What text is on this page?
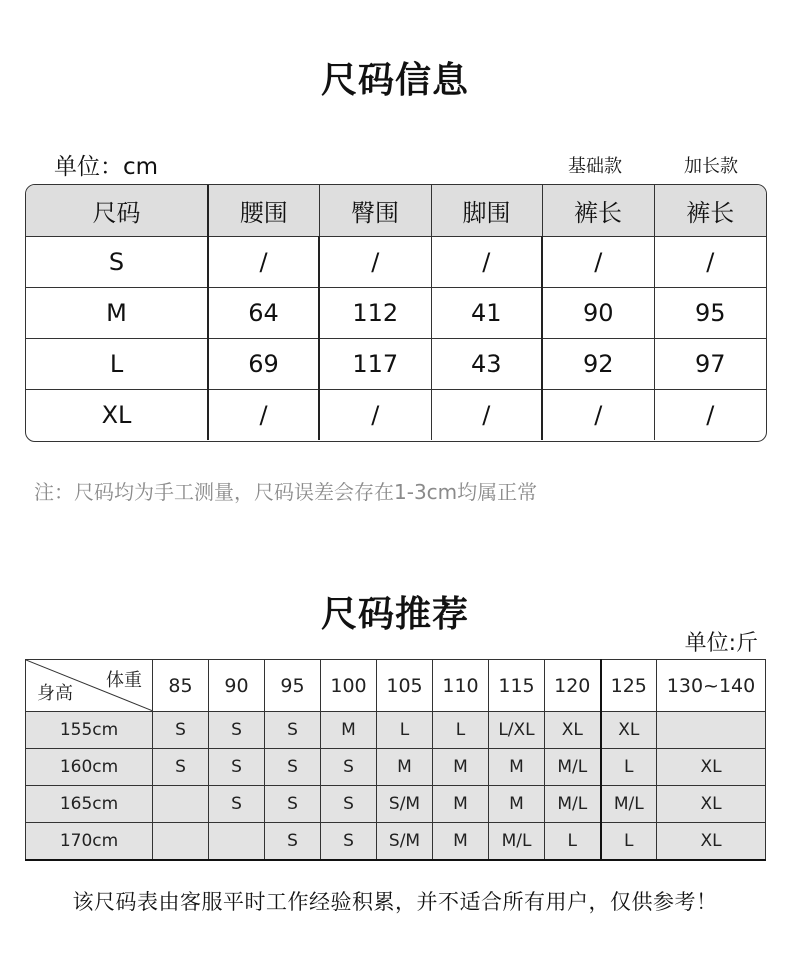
尺码信息
单位：cm	基础款	加长款
尺码	腰围	臀围	脚围	裤长	裤长
S	/	/	/	/	/
M	64	112	41	90	95
L	69	117	43	92	97
XL	/	/	/	/	/
注：尺码均为手工测量，尺码误差会存在1-3cm均属正常
尺码推荐
单位:斤
体重
身高	85	90	95	100	105	110	115	120	125	130~140
155cm	S	S	S	M	L	L	L/XL	XL	XL	
160cm	S	S	S	S	M	M	M	M/L	L	XL
165cm		S	S	S	S/M	M	M	M/L	M/L	XL
170cm			S	S	S/M	M	M/L	L	L	XL
该尺码表由客服平时工作经验积累，并不适合所有用户，仅供参考！
